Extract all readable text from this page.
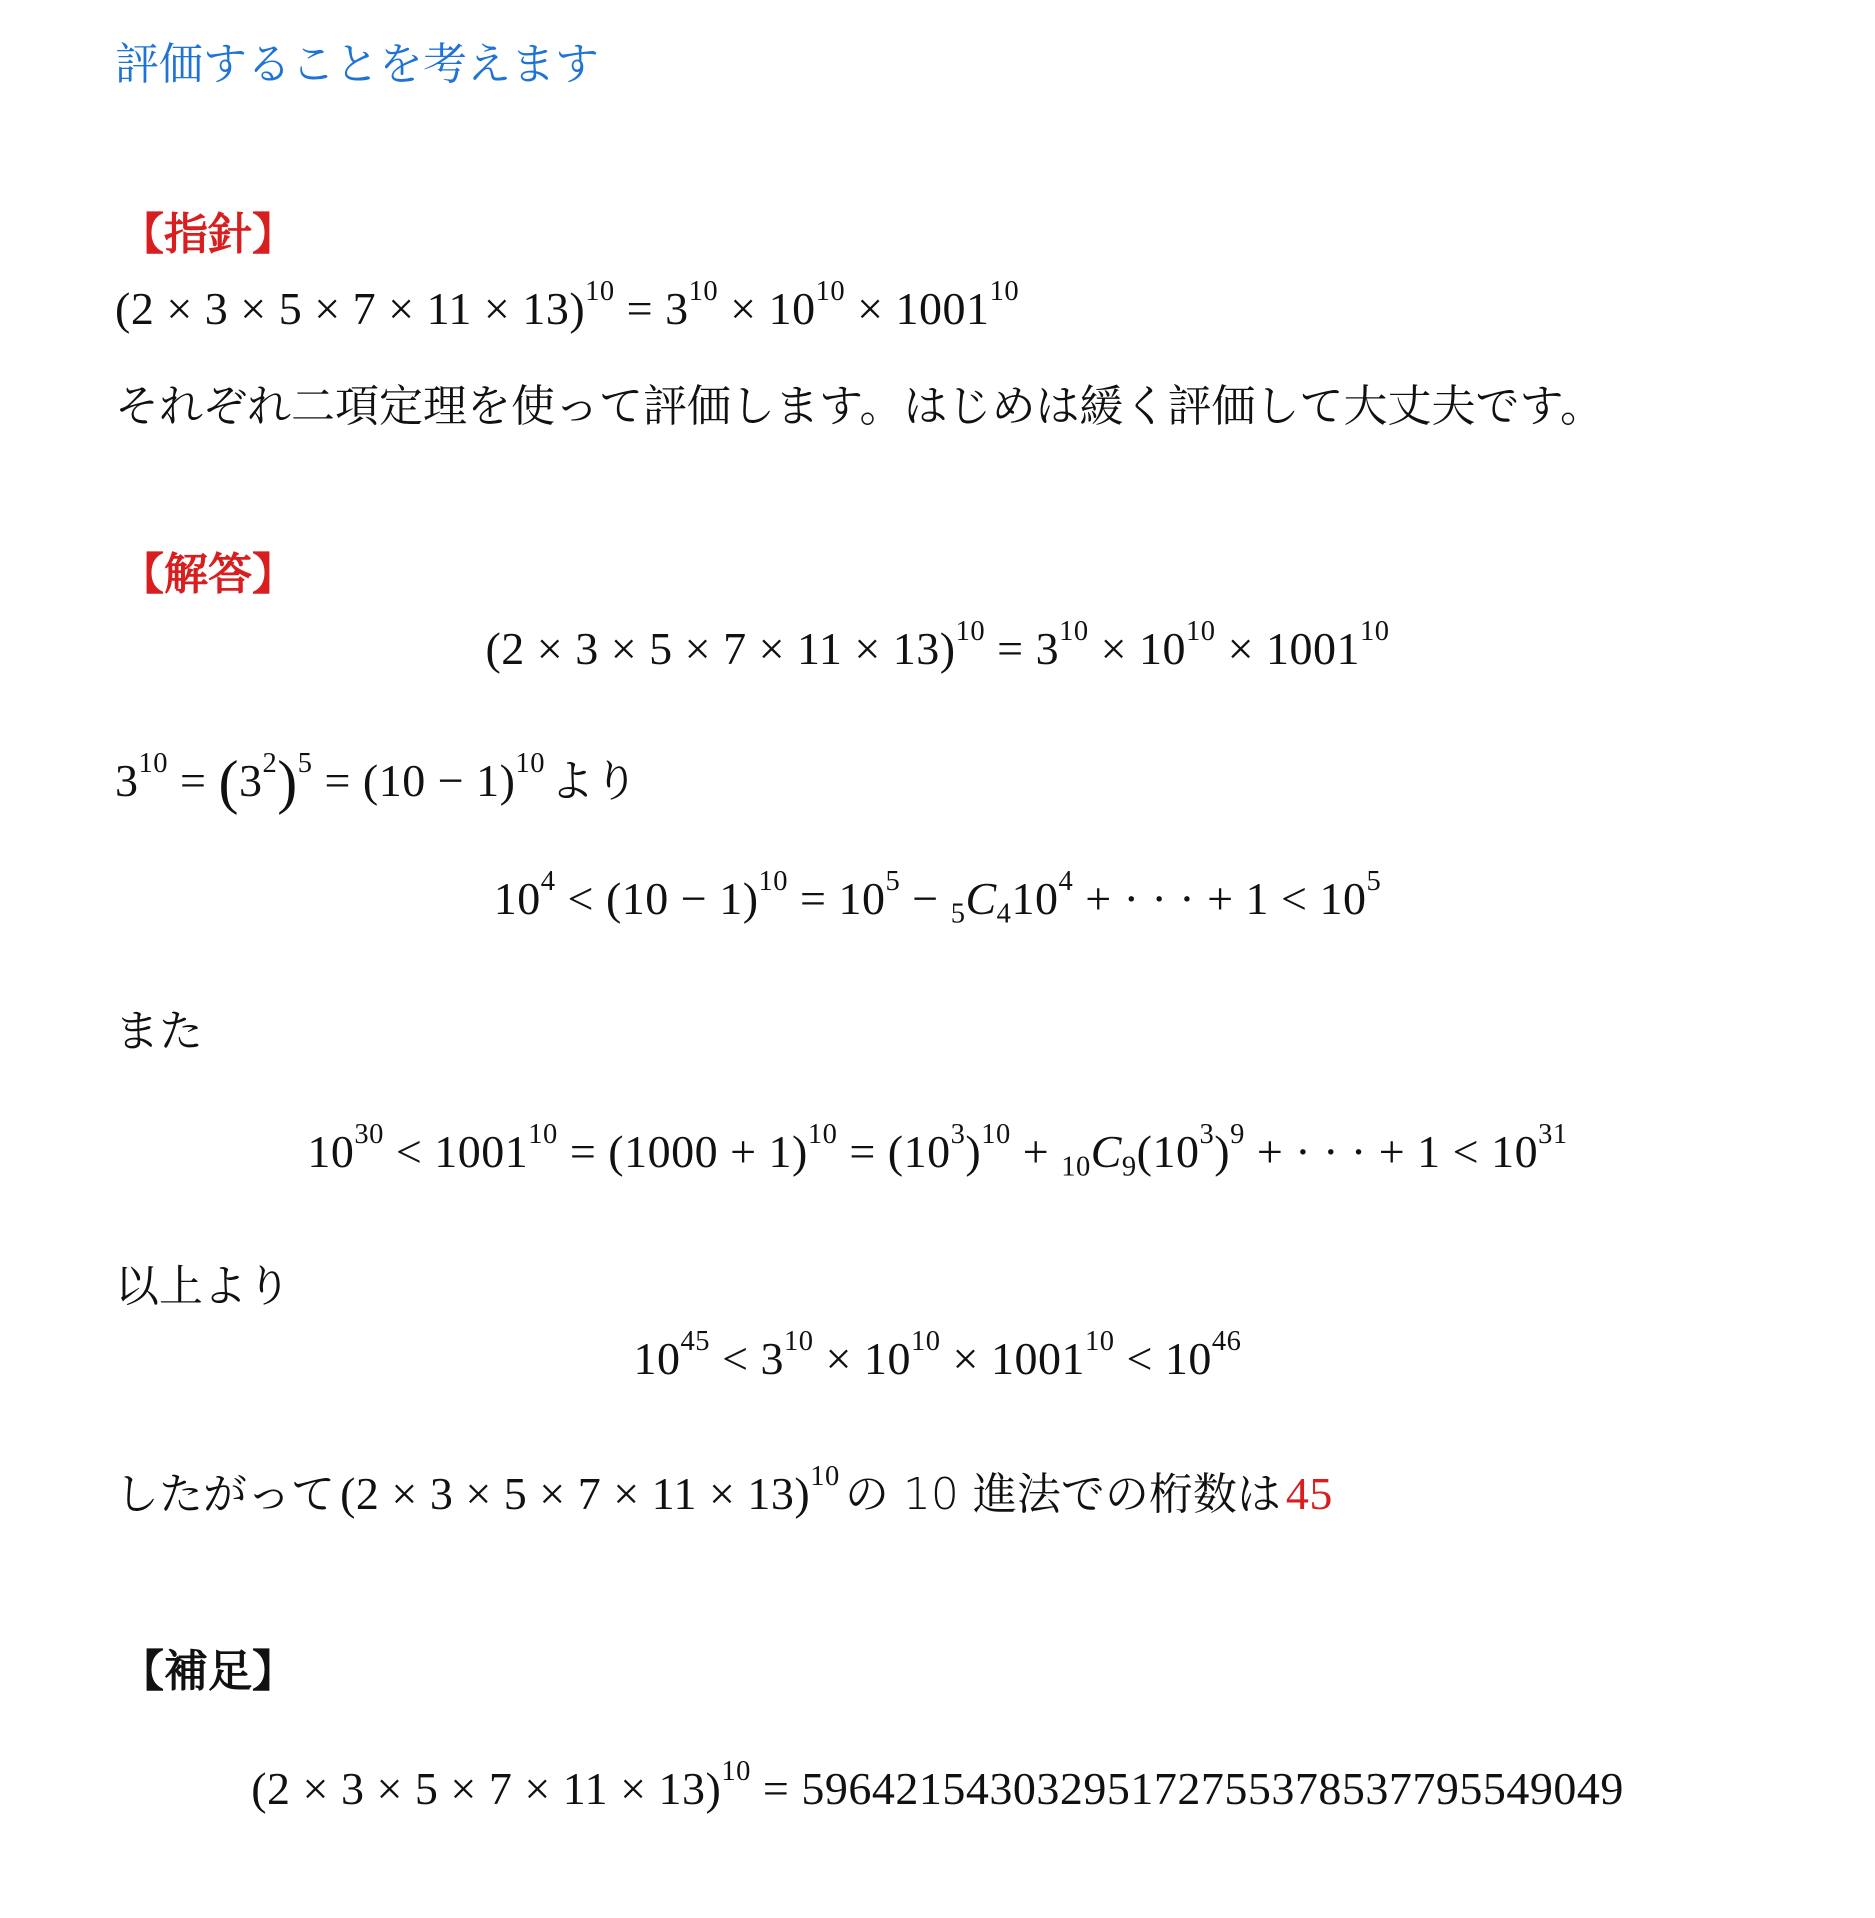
評価することを考えます
【指針】
$(2 \times 3 \times 5 \times 7 \times 11 \times 13)^{10} = 3^{10} \times 10^{10} \times 1001^{10}$
それぞれ二項定理を使って評価します。はじめは緩く評価して大丈夫です。
【解答】
$(2 \times 3 \times 5 \times 7 \times 11 \times 13)^{10} = 3^{10} \times 10^{10} \times 1001^{10}$
$3^{10} = (3^2)^5 = (10 - 1)^{10}$ より
$10^4 < (10 - 1)^{10} = 10^5 - _5C_410^4$ + · · · + $1 < 10^5$
また
$10^{30} < 1001^{10} = (1000 + 1)^{10} = (10^3)^{10} + _{10}C_9(10^3)^9$ + · · · + $1 < 10^{31}$
以上より
$10^{45} < 3^{10} \times 10^{10} \times 1001^{10} < 10^{46}$
したがって $(2 \times 3 \times 5 \times 7 \times 11 \times 13)^{10}$ の 10 進法での桁数は 45
【補足】
$(2 \times 3 \times 5 \times 7 \times 11 \times 13)^{10} = 59642154303295172755378537795549049$
